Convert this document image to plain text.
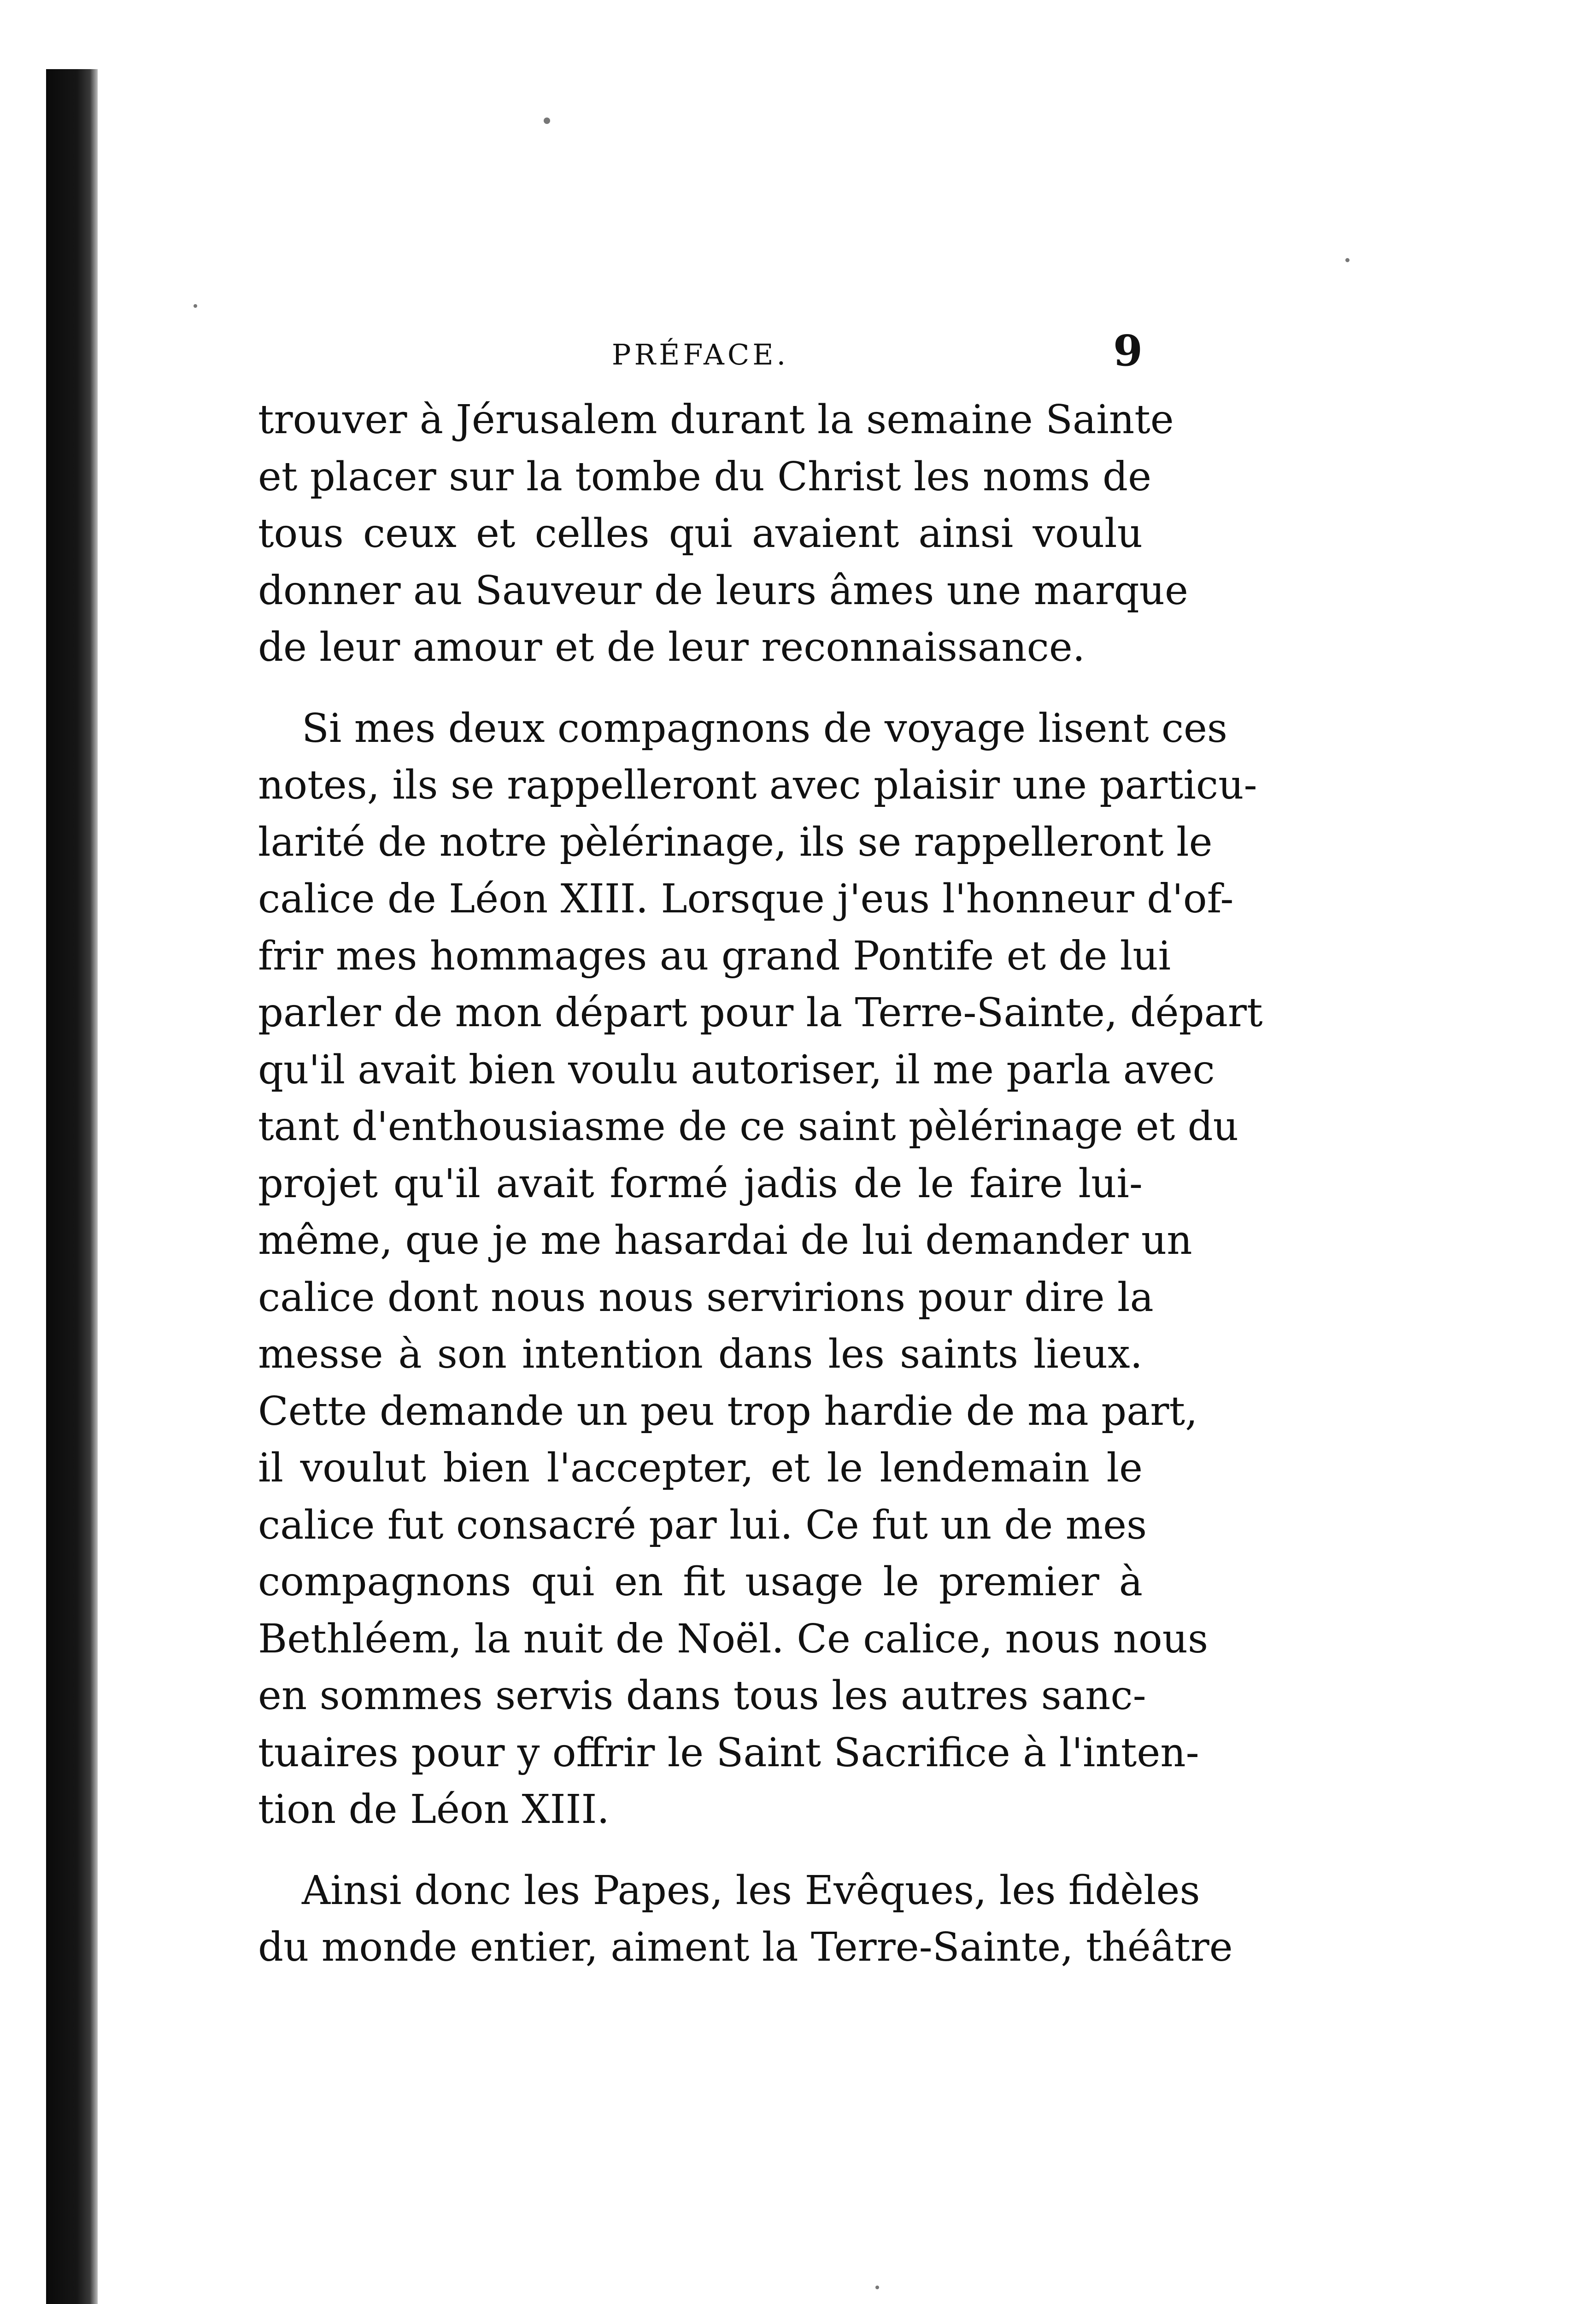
PRÉFACE.	9

trouver à Jérusalem durant la semaine Sainte
et placer sur la tombe du Christ les noms de
tous ceux et celles qui avaient ainsi voulu
donner au Sauveur de leurs âmes une marque
de leur amour et de leur reconnaissance.

Si mes deux compagnons de voyage lisent ces
notes, ils se rappelleront avec plaisir une particu-
larité de notre pèlérinage, ils se rappelleront le
calice de Léon XIII. Lorsque j'eus l'honneur d'of-
frir mes hommages au grand Pontife et de lui
parler de mon départ pour la Terre-Sainte, départ
qu'il avait bien voulu autoriser, il me parla avec
tant d'enthousiasme de ce saint pèlérinage et du
projet qu'il avait formé jadis de le faire lui-
même, que je me hasardai de lui demander un
calice dont nous nous servirions pour dire la
messe à son intention dans les saints lieux.
Cette demande un peu trop hardie de ma part,
il voulut bien l'accepter, et le lendemain le
calice fut consacré par lui. Ce fut un de mes
compagnons qui en fit usage le premier à
Bethléem, la nuit de Noël. Ce calice, nous nous
en sommes servis dans tous les autres sanc-
tuaires pour y offrir le Saint Sacrifice à l'inten-
tion de Léon XIII.

Ainsi donc les Papes, les Evêques, les fidèles
du monde entier, aiment la Terre-Sainte, théâtre
